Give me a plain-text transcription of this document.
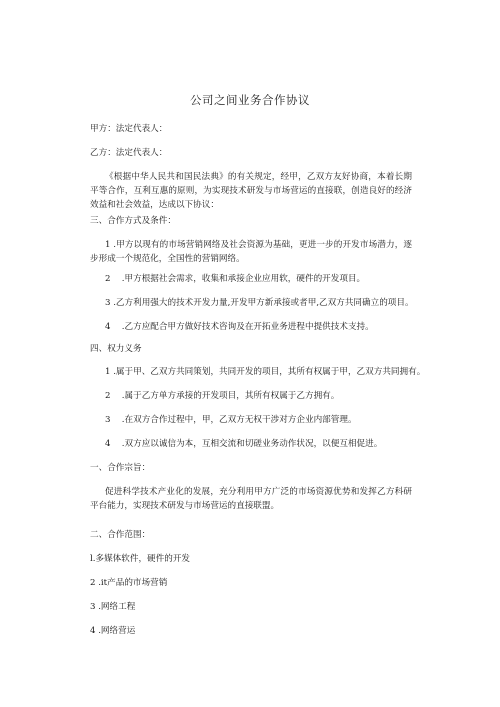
公司之间业务合作协议
甲方：法定代表人：
乙方：法定代表人：
《根据中华人民共和国民法典》的有关规定，经甲，乙双方友好协商，本着长期平等合作，互利互惠的原则，为实现技术研发与市场营运的直接联，创造良好的经济效益和社会效益，达成以下协议：
三、合作方式及条件：
1 .甲方以现有的市场营销网络及社会资源为基础，更进一步的开发市场潜力，逐步形成一个规范化，全国性的营销网络。
2　 .甲方根据社会需求，收集和承接企业应用软，硬件的开发项目。
3 .乙方利用强大的技术开发力量,开发甲方新承接或者甲,乙双方共同确立的项目。
4　 .乙方应配合甲方做好技术咨询及在开拓业务进程中提供技术支持。
四、权力义务
1 .属于甲、乙双方共同策划，共同开发的项目，其所有权属于甲，乙双方共同拥有。
2　 .属于乙方单方承接的开发项目，其所有权属于乙方拥有。
3　 .在双方合作过程中，甲，乙双方无权干涉对方企业内部管理。
4　 .双方应以诚信为本，互相交流和切磋业务动作状况，以便互相促进。
一、合作宗旨：
促进科学技术产业化的发展，充分利用甲方广泛的市场资源优势和发挥乙方科研平台能力，实现技术研发与市场营运的直接联盟。
二、合作范围：
l.多媒体软件，硬件的开发
2 .it产品的市场营销
3 .网络工程
4 .网络营运
